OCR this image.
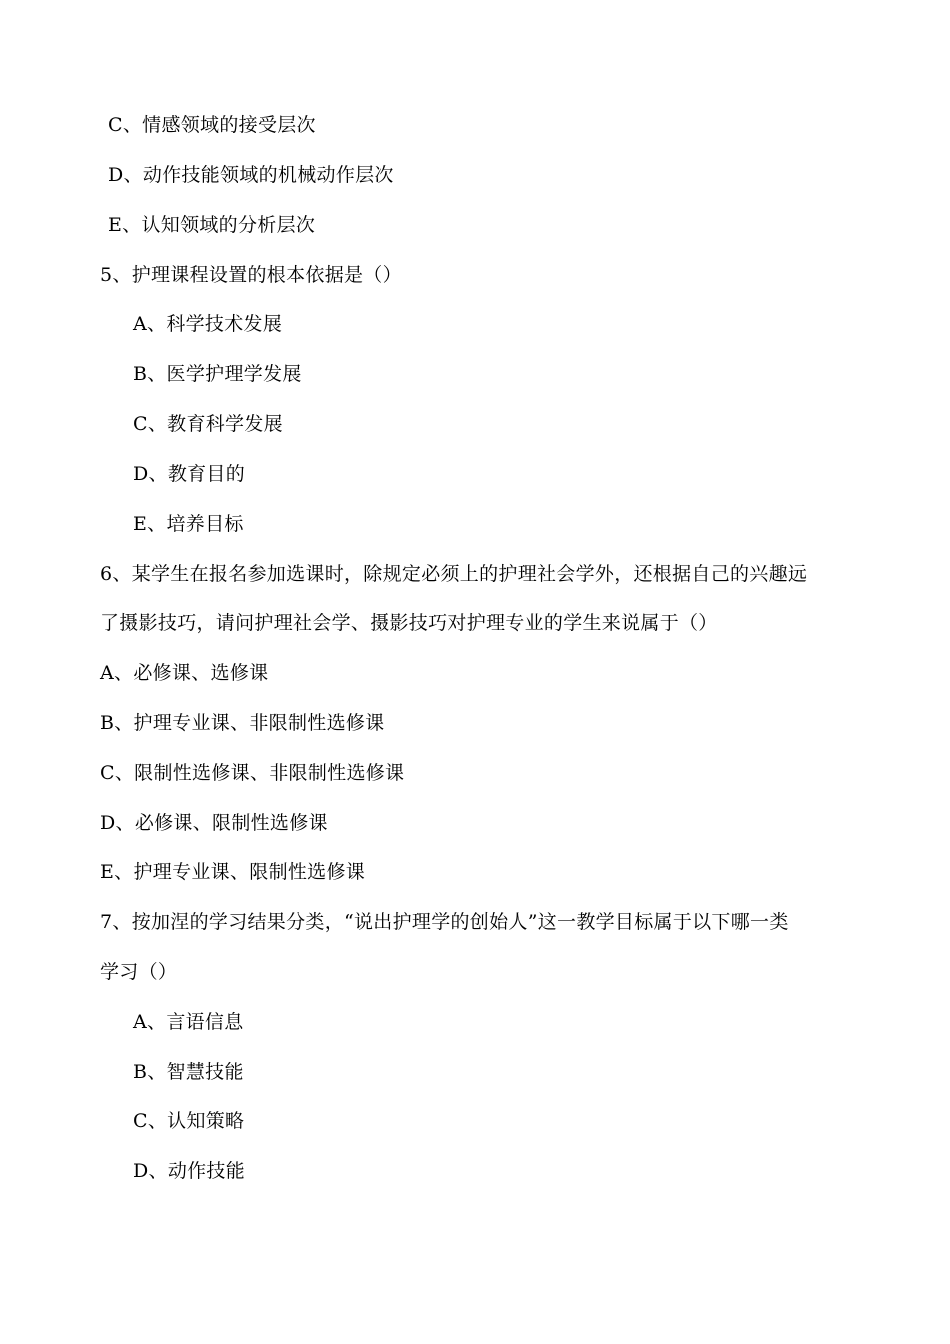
C、情感领域的接受层次
D、动作技能领域的机械动作层次
E、认知领域的分析层次
5、护理课程设置的根本依据是（）
A、科学技术发展
B、医学护理学发展
C、教育科学发展
D、教育目的
E、培养目标
6、某学生在报名参加选课时，除规定必须上的护理社会学外，还根据自己的兴趣远
了摄影技巧，请问护理社会学、摄影技巧对护理专业的学生来说属于（）
A、必修课、选修课
B、护理专业课、非限制性选修课
C、限制性选修课、非限制性选修课
D、必修课、限制性选修课
E、护理专业课、限制性选修课
7、按加涅的学习结果分类，“说出护理学的创始人”这一教学目标属于以下哪一类
学习（）
A、言语信息
B、智慧技能
C、认知策略
D、动作技能
